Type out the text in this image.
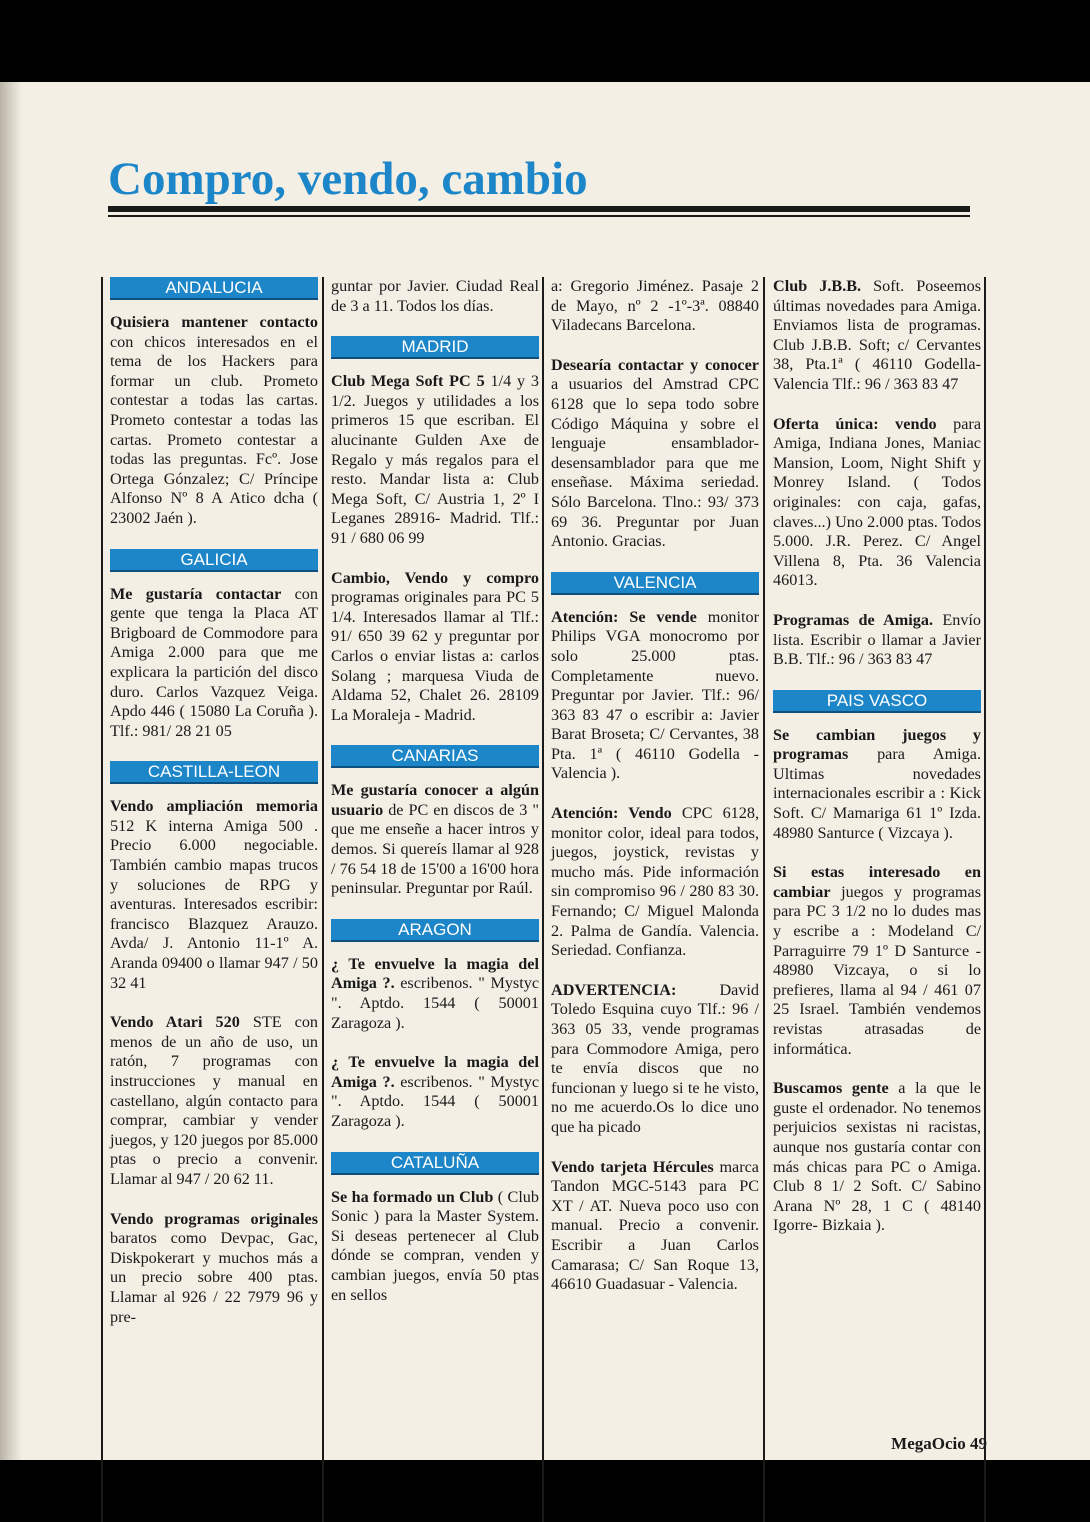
Compro, vendo, cambio
ANDALUCIA
Quisiera mantener contacto con chicos interesados en el tema de los Hackers para formar un club. Prometo contestar a todas las cartas. Prometo contestar a todas las cartas. Prometo contestar a todas las preguntas. Fcº. Jose Ortega Gónzalez; C/ Príncipe Alfonso Nº 8 A Atico dcha ( 23002 Jaén ).
GALICIA
Me gustaría contactar con gente que tenga la Placa AT Brigboard de Commodore para Amiga 2.000 para que me explicara la partición del disco duro. Carlos Vazquez Veiga. Apdo 446 ( 15080 La Coruña ). Tlf.: 981/ 28 21 05
CASTILLA-LEON
Vendo ampliación memoria 512 K interna Amiga 500 . Precio 6.000 negociable. También cambio mapas trucos y soluciones de RPG y aventuras. Interesados escribir: francisco Blazquez Arauzo. Avda/ J. Antonio 11-1º A. Aranda 09400 o llamar 947 / 50 32 41
Vendo Atari 520 STE con menos de un año de uso, un ratón, 7 programas con instrucciones y manual en castellano, algún contacto para comprar, cambiar y vender juegos, y 120 juegos por 85.000 ptas o precio a convenir. Llamar al 947 / 20 62 11.
Vendo programas originales baratos como Devpac, Gac, Diskpokerart y muchos más a un precio sobre 400 ptas. Llamar al 926 / 22 7979 96 y pre-
guntar por Javier. Ciudad Real de 3 a 11. Todos los días.
MADRID
Club Mega Soft PC 5 1/4 y 3 1/2. Juegos y utilidades a los primeros 15 que escriban. El alucinante Gulden Axe de Regalo y más regalos para el resto. Mandar lista a: Club Mega Soft, C/ Austria 1, 2º I Leganes 28916- Madrid. Tlf.: 91 / 680 06 99
Cambio, Vendo y compro programas originales para PC 5 1/4. Interesados llamar al Tlf.: 91/ 650 39 62 y preguntar por Carlos o enviar listas a: carlos Solang ; marquesa Viuda de Aldama 52, Chalet 26. 28109 La Moraleja - Madrid.
CANARIAS
Me gustaría conocer a algún usuario de PC en discos de 3 " que me enseñe a hacer intros y demos. Si quereís llamar al 928 / 76 54 18 de 15'00 a 16'00 hora peninsular. Preguntar por Raúl.
ARAGON
¿ Te envuelve la magia del Amiga ?. escribenos. " Mystyc ". Aptdo. 1544 ( 50001 Zaragoza ).
¿ Te envuelve la magia del Amiga ?. escribenos. " Mystyc ". Aptdo. 1544 ( 50001 Zaragoza ).
CATALUÑA
Se ha formado un Club ( Club Sonic ) para la Master System. Si deseas pertenecer al Club dónde se compran, venden y cambian juegos, envía 50 ptas en sellos
a: Gregorio Jiménez. Pasaje 2 de Mayo, nº 2 -1º-3ª. 08840 Viladecans Barcelona.
Desearía contactar y conocer a usuarios del Amstrad CPC 6128 que lo sepa todo sobre Código Máquina y sobre el lenguaje ensamblador-desensamblador para que me enseñase. Máxima seriedad. Sólo Barcelona. Tlno.: 93/ 373 69 36. Preguntar por Juan Antonio. Gracias.
VALENCIA
Atención: Se vende monitor Philips VGA monocromo por solo 25.000 ptas. Completamente nuevo. Preguntar por Javier. Tlf.: 96/ 363 83 47 o escribir a: Javier Barat Broseta; C/ Cervantes, 38 Pta. 1ª ( 46110 Godella - Valencia ).
Atención: Vendo CPC 6128, monitor color, ideal para todos, juegos, joystick, revistas y mucho más. Pide información sin compromiso 96 / 280 83 30. Fernando; C/ Miguel Malonda 2. Palma de Gandía. Valencia. Seriedad. Confianza.
ADVERTENCIA: David Toledo Esquina cuyo Tlf.: 96 / 363 05 33, vende programas para Commodore Amiga, pero te envía discos que no funcionan y luego si te he visto, no me acuerdo.Os lo dice uno que ha picado
Vendo tarjeta Hércules marca Tandon MGC-5143 para PC XT / AT. Nueva poco uso con manual. Precio a convenir. Escribir a Juan Carlos Camarasa; C/ San Roque 13, 46610 Guadasuar - Valencia.
Club J.B.B. Soft. Poseemos últimas novedades para Amiga. Enviamos lista de programas. Club J.B.B. Soft; c/ Cervantes 38, Pta.1ª ( 46110 Godella-Valencia Tlf.: 96 / 363 83 47
Oferta única: vendo para Amiga, Indiana Jones, Maniac Mansion, Loom, Night Shift y Monrey Island. ( Todos originales: con caja, gafas, claves...) Uno 2.000 ptas. Todos 5.000. J.R. Perez. C/ Angel Villena 8, Pta. 36 Valencia 46013.
Programas de Amiga. Envío lista. Escribir o llamar a Javier B.B. Tlf.: 96 / 363 83 47
PAIS VASCO
Se cambian juegos y programas para Amiga. Ultimas novedades internacionales escribir a : Kick Soft. C/ Mamariga 61 1º Izda. 48980 Santurce ( Vizcaya ).
Si estas interesado en cambiar juegos y programas para PC 3 1/2 no lo dudes mas y escribe a : Modeland C/ Parraguirre 79 1º D Santurce - 48980 Vizcaya, o si lo prefieres, llama al 94 / 461 07 25 Israel. También vendemos revistas atrasadas de informática.
Buscamos gente a la que le guste el ordenador. No tenemos perjuicios sexistas ni racistas, aunque nos gustaría contar con más chicas para PC o Amiga. Club 8 1/ 2 Soft. C/ Sabino Arana Nº 28, 1 C ( 48140 Igorre- Bizkaia ).
MegaOcio 49
